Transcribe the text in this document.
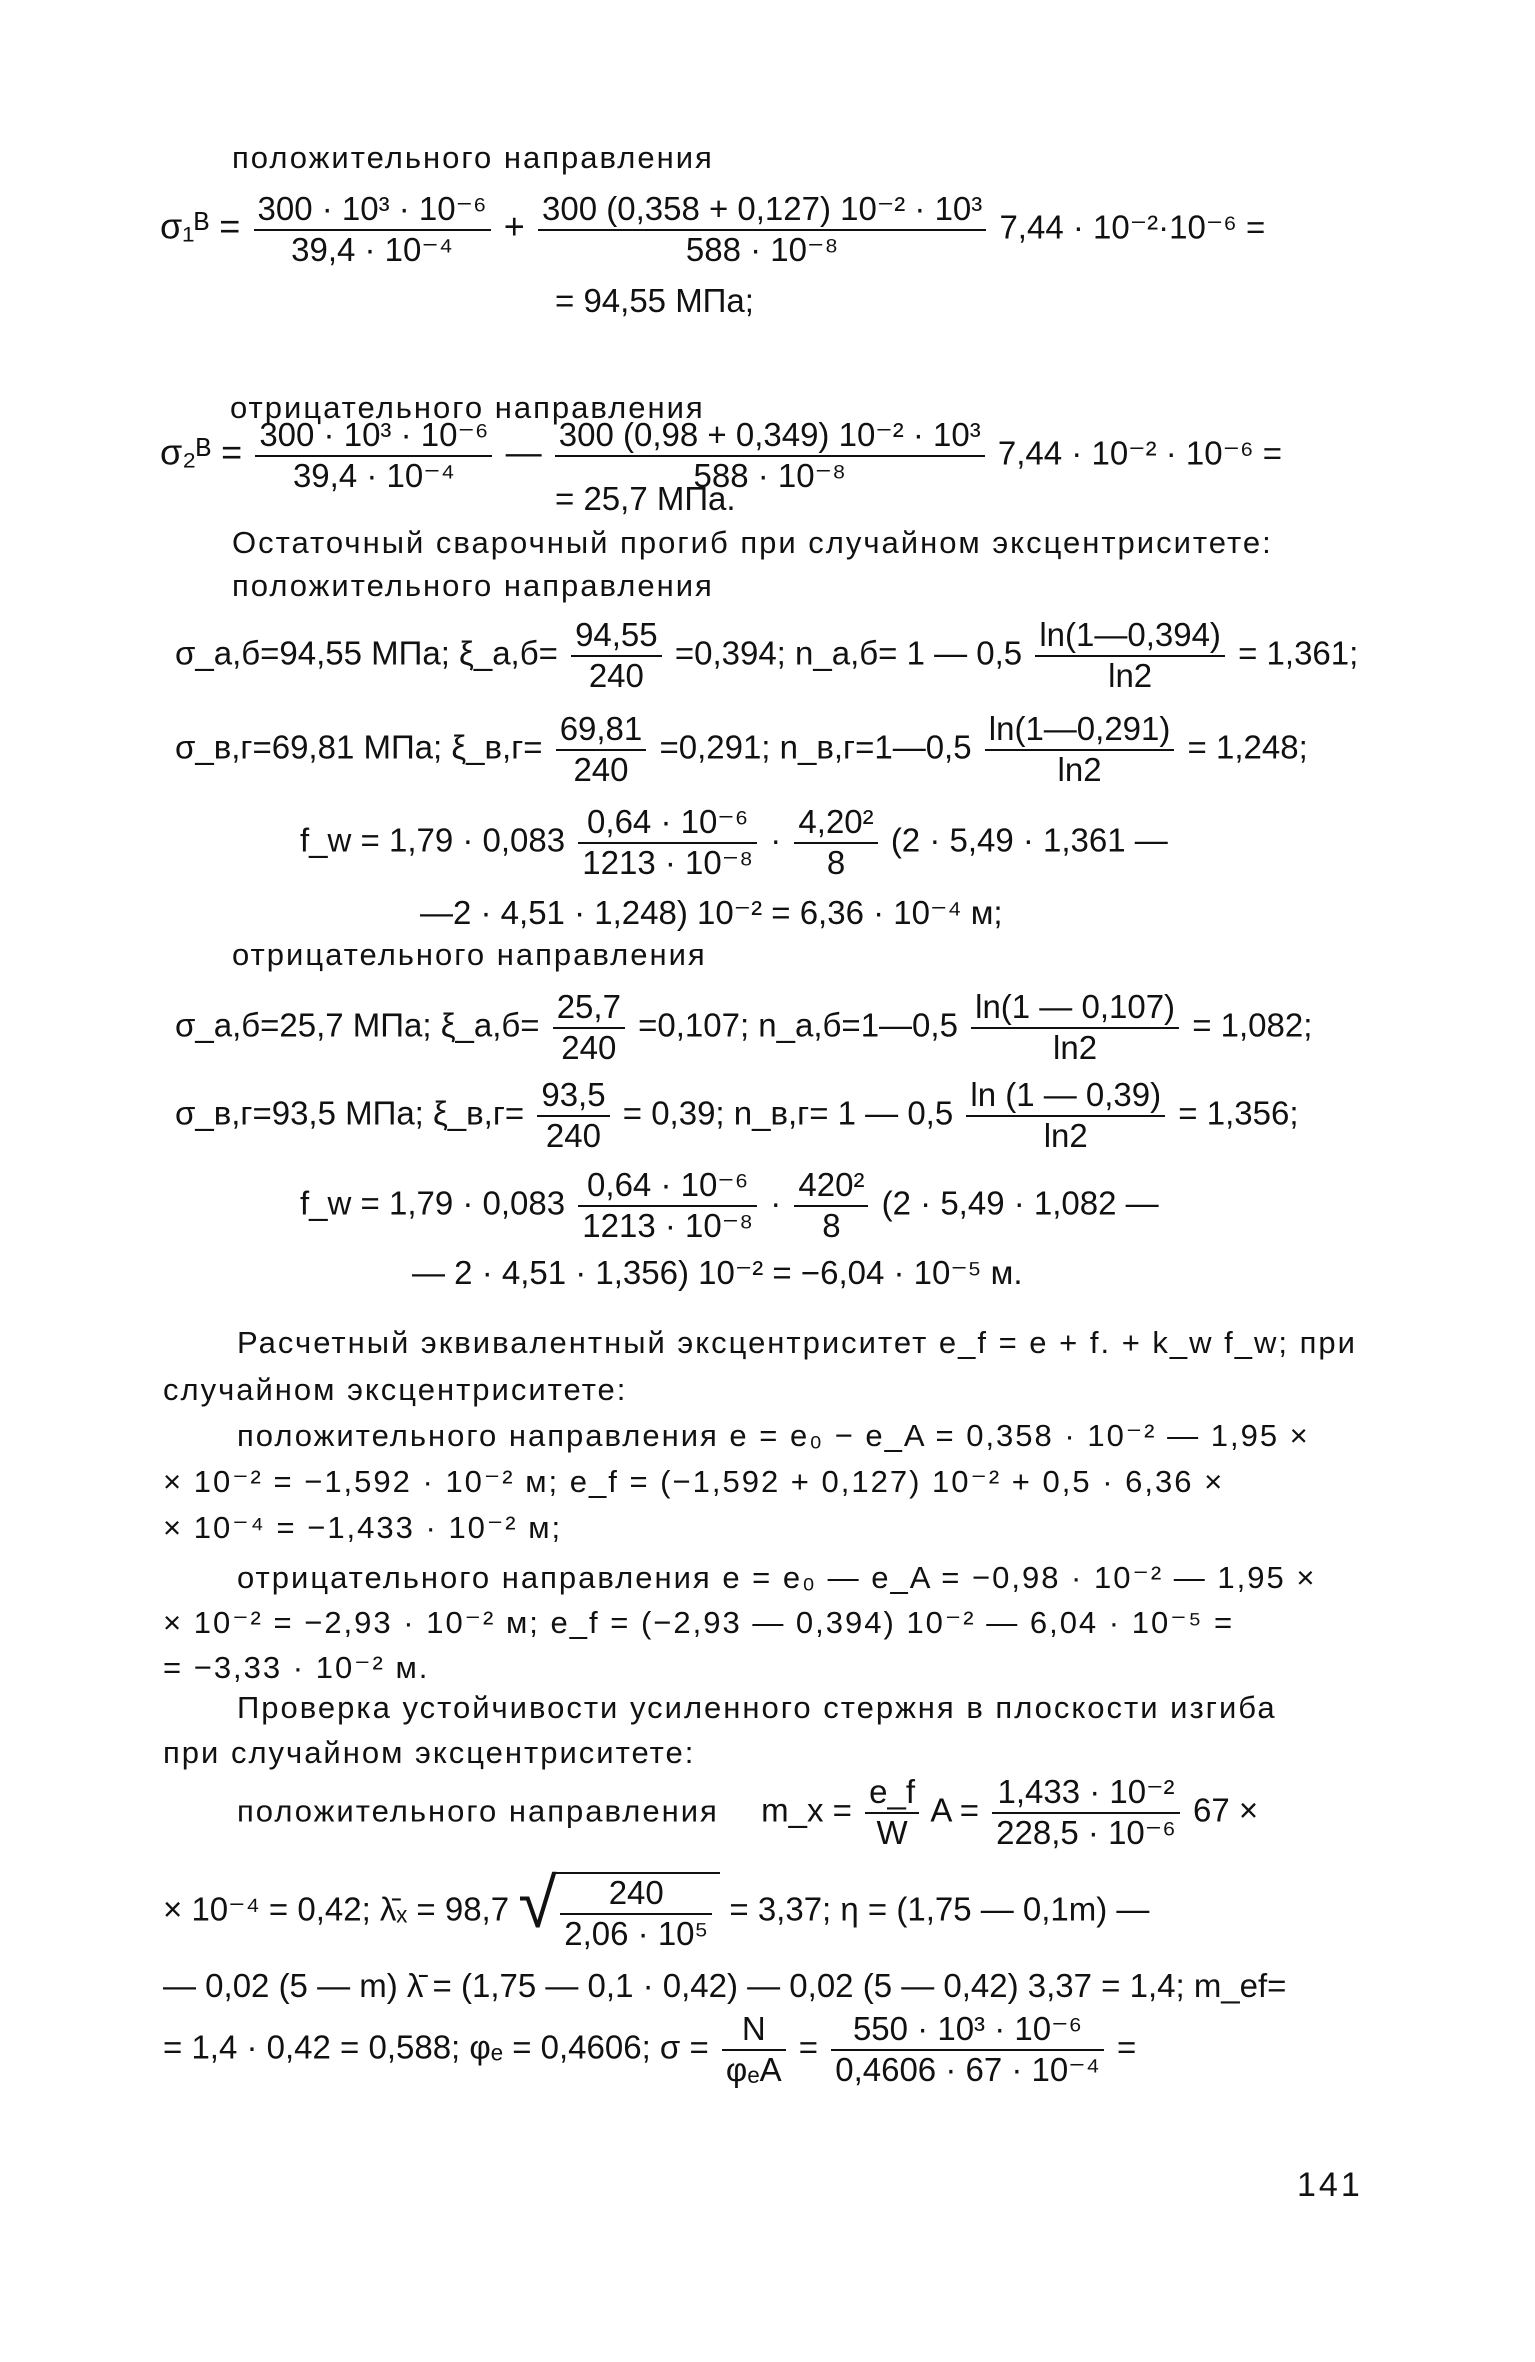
положительного направления
σ₁ᴮ = $\frac{\text{300 · 10³ · 10⁻⁶}}{\text{39,4 · 10⁻⁴}} + \frac{\text{300 (0,358 + 0,127) 10⁻² · 10³}}{\text{588 · 10⁻⁸}} 7,44 \cdot 10^{-2}\cdot 10^{-6}$ =
= 94,55 МПа;
отрицательного направления
σ₂ᴮ = $\frac{\text{300 · 10³ · 10⁻⁶}}{\text{39,4 · 10⁻⁴}}$ — $\frac{\text{300 (0,98 + 0,349) 10⁻² · 10³}}{\text{588 · 10⁻⁸}} 7,44 \cdot 10^{-2} \cdot 10^{-6}$ =
= 25,7 МПа.
Остаточный сварочный прогиб при случайном эксцентриситете:
положительного направления
σ_a,б=94,55 МПа; ξ_a,б= $\frac{94,55}{240} =0,394$; n_a,б= 1 — $0,5 \frac{\ln(1—0,394)}{\ln 2} = 1,361$;
σ_в,г=69,81 МПа; ξ_в,г= $\frac{69,81}{240} =0,291$; n_в,г=1—0,5 $\frac{\ln(1—0,291)}{\ln 2} = 1,248$;
f_w = $1,79 \cdot 0,083 \frac{\text{0,64 · 10⁻⁶}}{\text{1213 · 10⁻⁸}} \cdot \frac{\text{4,20²}}{8} (2 \cdot 5,49 \cdot 1,361$ —
—2 · 4,51 · 1,248) 10⁻² = 6,36 · 10⁻⁴ м;
отрицательного направления
σ_a,б=25,7 МПа; ξ_a,б= $\frac{25,7}{240} =0,107$; n_a,б=1—0,5 $\frac{\ln(1 — 0,107)}{\ln 2} = 1,082$;
σ_в,г=93,5 МПа; ξ_в,г= $\frac{93,5}{240} = 0,39$; n_в,г= 1 — $0,5 \frac{\ln (1 — 0,39)}{\ln 2} = 1,356$;
f_w = $1,79 \cdot 0,083 \frac{\text{0,64 · 10⁻⁶}}{\text{1213 · 10⁻⁸}} \cdot \frac{\text{420²}}{8} (2 \cdot 5,49 \cdot 1,082$ —
— 2 · 4,51 · 1,356) 10⁻² = −6,04 · 10⁻⁵ м.
Расчетный эквивалентный эксцентриситет e_f = e + f. + k_w f_w; при
случайном эксцентриситете:
положительного направления e = e₀ − e_A = 0,358 · 10⁻² — 1,95 ×
× 10⁻² = −1,592 · 10⁻² м; e_f = (−1,592 + 0,127) 10⁻² + 0,5 · 6,36 ×
× 10⁻⁴ = −1,433 · 10⁻² м;
отрицательного направления e = e₀ — e_A = −0,98 · 10⁻² — 1,95 ×
× 10⁻² = −2,93 · 10⁻² м; e_f = (−2,93 — 0,394) 10⁻² — 6,04 · 10⁻⁵ =
= −3,33 · 10⁻² м.
Проверка устойчивости усиленного стержня в плоскости изгиба
при случайном эксцентриситете:
положительного направления m_x = $\frac{e\_f}{W}$ $A = \frac{\text{1,433 · 10⁻²}}{\text{228,5 · 10⁻⁶}} 67$ ×
× 10⁻⁴ = 0,42; λ̄ₓ = 98,7 √ $\frac{240}{\text{2,06 · 10⁵}} = 3,37$; η = (1,75 — 0,1m) —
— 0,02 (5 — m) λ̄ = (1,75 — 0,1 · 0,42) — 0,02 (5 — 0,42) 3,37 = 1,4; m_ef=
= 1,4 · 0,42 = 0,588; φₑ = 0,4606; $\sigma = \frac{N}{\text{φₑA}} = \frac{\text{550 · 10³ · 10⁻⁶}}{\text{0,4606 · 67 · 10⁻⁴}}$ =
141
